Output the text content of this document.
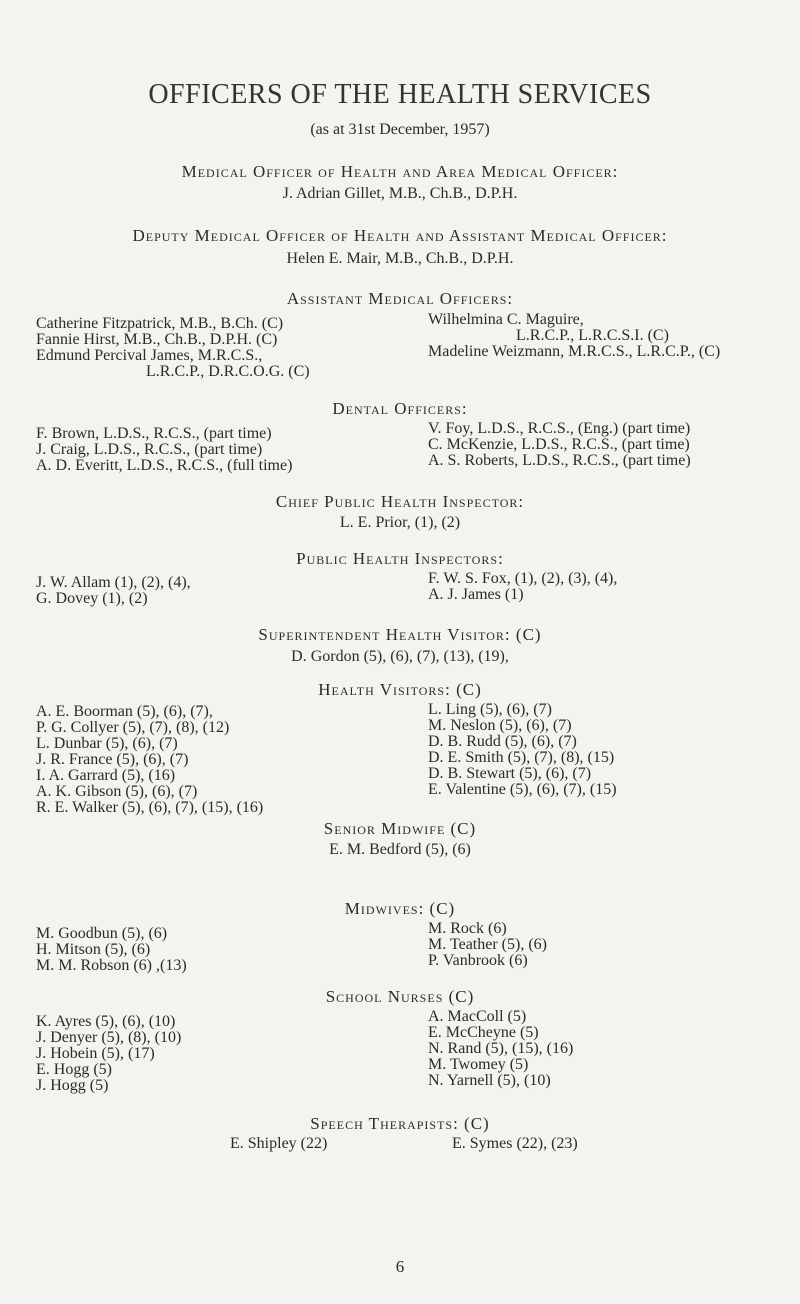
OFFICERS OF THE HEALTH SERVICES
(as at 31st December, 1957)
Medical Officer of Health and Area Medical Officer:
J. Adrian Gillet, M.B., Ch.B., D.P.H.
Deputy Medical Officer of Health and Assistant Medical Officer:
Helen E. Mair, M.B., Ch.B., D.P.H.
Assistant Medical Officers:
Catherine Fitzpatrick, M.B., B.Ch. (C)
Fannie Hirst, M.B., Ch.B., D.P.H. (C)
Edmund Percival James, M.R.C.S.,
L.R.C.P., D.R.C.O.G. (C)
Wilhelmina C. Maguire,
L.R.C.P., L.R.C.S.I. (C)
Madeline Weizmann, M.R.C.S., L.R.C.P., (C)
Dental Officers:
F. Brown, L.D.S., R.C.S., (part time)
J. Craig, L.D.S., R.C.S., (part time)
A. D. Everitt, L.D.S., R.C.S., (full time)
V. Foy, L.D.S., R.C.S., (Eng.) (part time)
C. McKenzie, L.D.S., R.C.S., (part time)
A. S. Roberts, L.D.S., R.C.S., (part time)
Chief Public Health Inspector:
L. E. Prior, (1), (2)
Public Health Inspectors:
J. W. Allam (1), (2), (4),
G. Dovey (1), (2)
F. W. S. Fox, (1), (2), (3), (4),
A. J. James (1)
Superintendent Health Visitor: (C)
D. Gordon (5), (6), (7), (13), (19),
Health Visitors: (C)
A. E. Boorman (5), (6), (7),
P. G. Collyer (5), (7), (8), (12)
L. Dunbar (5), (6), (7)
J. R. France (5), (6), (7)
I. A. Garrard (5), (16)
A. K. Gibson (5), (6), (7)
R. E. Walker (5), (6), (7), (15), (16)
L. Ling (5), (6), (7)
M. Neslon (5), (6), (7)
D. B. Rudd (5), (6), (7)
D. E. Smith (5), (7), (8), (15)
D. B. Stewart (5), (6), (7)
E. Valentine (5), (6), (7), (15)
Senior Midwife (C)
E. M. Bedford (5), (6)
Midwives: (C)
M. Goodbun (5), (6)
H. Mitson (5), (6)
M. M. Robson (6) ,(13)
M. Rock (6)
M. Teather (5), (6)
P. Vanbrook (6)
School Nurses (C)
K. Ayres (5), (6), (10)
J. Denyer (5), (8), (10)
J. Hobein (5), (17)
E. Hogg (5)
J. Hogg (5)
A. MacColl (5)
E. McCheyne (5)
N. Rand (5), (15), (16)
M. Twomey (5)
N. Yarnell (5), (10)
Speech Therapists: (C)
E. Shipley (22)	E. Symes (22), (23)
6
